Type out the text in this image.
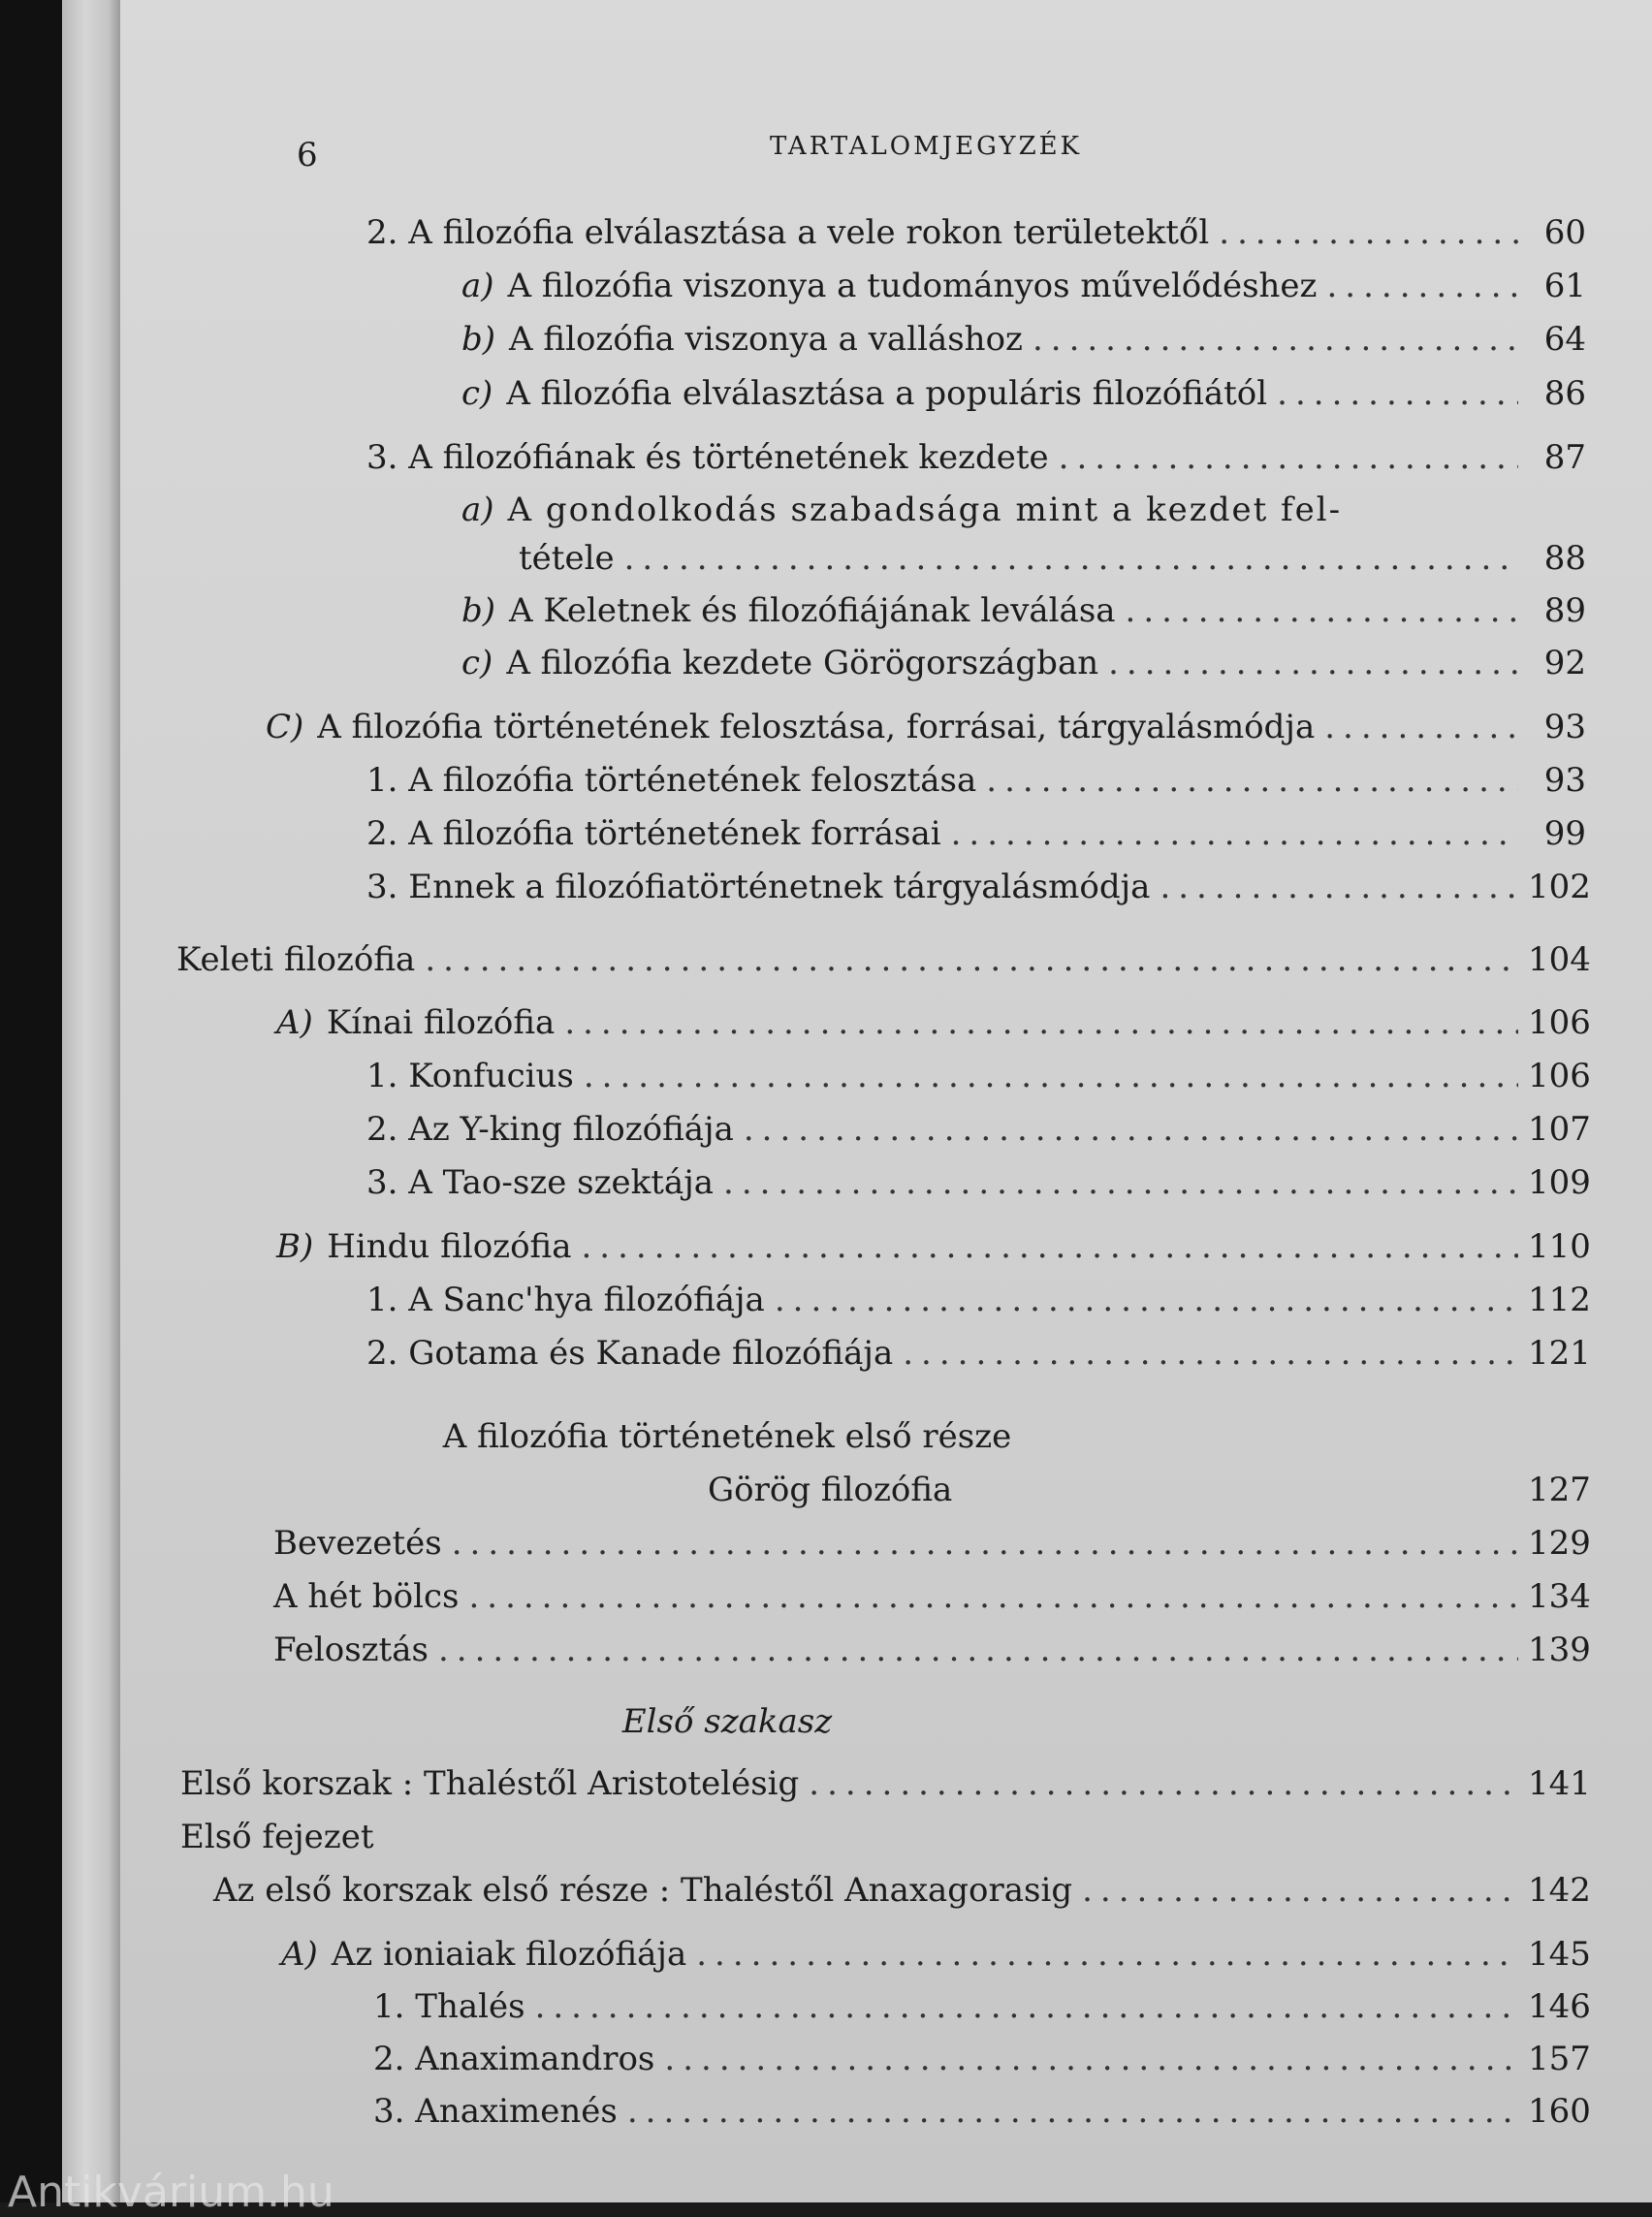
6	TARTALOMJEGYZÉK
2. A filozófia elválasztása a vele rokon területektől .....	60
a) A filozófia viszonya a tudományos művelődéshez .....	61
b) A filozófia viszonya a valláshoz .....	64
c) A filozófia elválasztása a populáris filozófiától .....	86
3. A filozófiának és történetének kezdete .....	87
a) A gondolkodás szabadsága mint a kezdet fel-
tétele .....	88
b) A Keletnek és filozófiájának leválása .....	89
c) A filozófia kezdete Görögországban .....	92
C) A filozófia történetének felosztása, forrásai, tárgyalásmódja .....	93
1. A filozófia történetének felosztása .....	93
2. A filozófia történetének forrásai .....	99
3. Ennek a filozófiatörténetnek tárgyalásmódja .....	102
Keleti filozófia .....	104
A) Kínai filozófia .....	106
1. Konfucius .....	106
2. Az Y-king filozófiája .....	107
3. A Tao-sze szektája .....	109
B) Hindu filozófia .....	110
1. A Sanc'hya filozófiája .....	112
2. Gotama és Kanade filozófiája .....	121
A filozófia történetének első része
Görög filozófia	127
Bevezetés .....	129
A hét bölcs .....	134
Felosztás .....	139
Első szakasz
Első korszak : Thaléstől Aristotelésig .....	141
Első fejezet
Az első korszak első része : Thaléstől Anaxagorasig .....	142
A) Az ioniaiak filozófiája .....	145
1. Thalés .....	146
2. Anaximandros .....	157
3. Anaximenés .....	160
Antikvárium.hu
